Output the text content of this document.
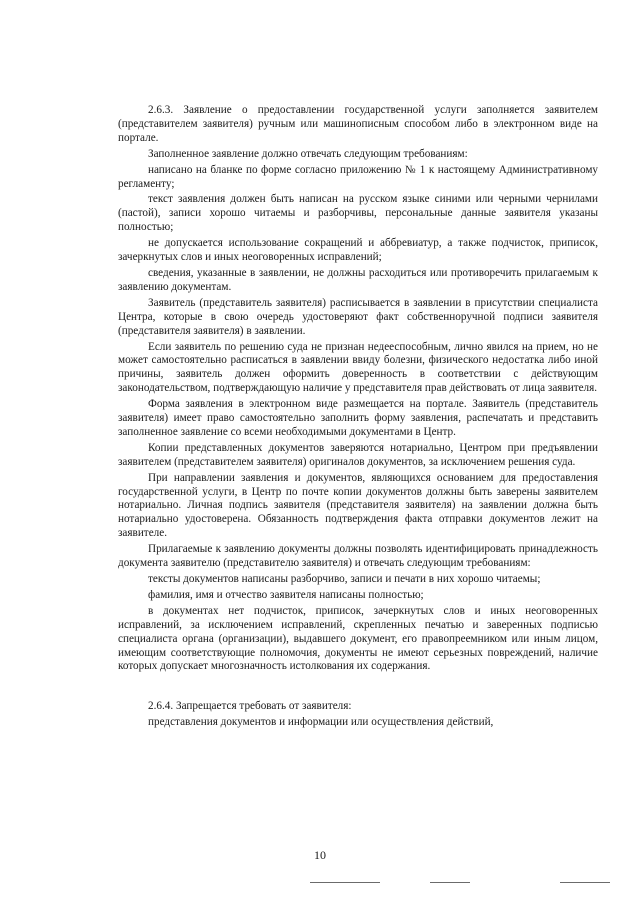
2.6.3. Заявление о предоставлении государственной услуги заполняется заявителем (представителем заявителя) ручным или машинописным способом либо в электронном виде на портале.

Заполненное заявление должно отвечать следующим требованиям:

написано на бланке по форме согласно приложению № 1 к настоящему Административному регламенту;

текст заявления должен быть написан на русском языке синими или черными чернилами (пастой), записи хорошо читаемы и разборчивы, персональные данные заявителя указаны полностью;

не допускается использование сокращений и аббревиатур, а также подчисток, приписок, зачеркнутых слов и иных неоговоренных исправлений;

сведения, указанные в заявлении, не должны расходиться или противоречить прилагаемым к заявлению документам.

Заявитель (представитель заявителя) расписывается в заявлении в присутствии специалиста Центра, которые в свою очередь удостоверяют факт собственноручной подписи заявителя (представителя заявителя) в заявлении.

Если заявитель по решению суда не признан недееспособным, лично явился на прием, но не может самостоятельно расписаться в заявлении ввиду болезни, физического недостатка либо иной причины, заявитель должен оформить доверенность в соответствии с действующим законодательством, подтверждающую наличие у представителя прав действовать от лица заявителя.

Форма заявления в электронном виде размещается на портале. Заявитель (представитель заявителя) имеет право самостоятельно заполнить форму заявления, распечатать и представить заполненное заявление со всеми необходимыми документами в Центр.

Копии представленных документов заверяются нотариально, Центром при предъявлении заявителем (представителем заявителя) оригиналов документов, за исключением решения суда.

При направлении заявления и документов, являющихся основанием для предоставления государственной услуги, в Центр по почте копии документов должны быть заверены заявителем нотариально. Личная подпись заявителя (представителя заявителя) на заявлении должна быть нотариально удостоверена. Обязанность подтверждения факта отправки документов лежит на заявителе.

Прилагаемые к заявлению документы должны позволять идентифицировать принадлежность документа заявителю (представителю заявителя) и отвечать следующим требованиям:

тексты документов написаны разборчиво, записи и печати в них хорошо читаемы;

фамилия, имя и отчество заявителя написаны полностью;

в документах нет подчисток, приписок, зачеркнутых слов и иных неоговоренных исправлений, за исключением исправлений, скрепленных печатью и заверенных подписью специалиста органа (организации), выдавшего документ, его правопреемником или иным лицом, имеющим соответствующие полномочия, документы не имеют серьезных повреждений, наличие которых допускает многозначность истолкования их содержания.

2.6.4. Запрещается требовать от заявителя:

представления документов и информации или осуществления действий,

10
